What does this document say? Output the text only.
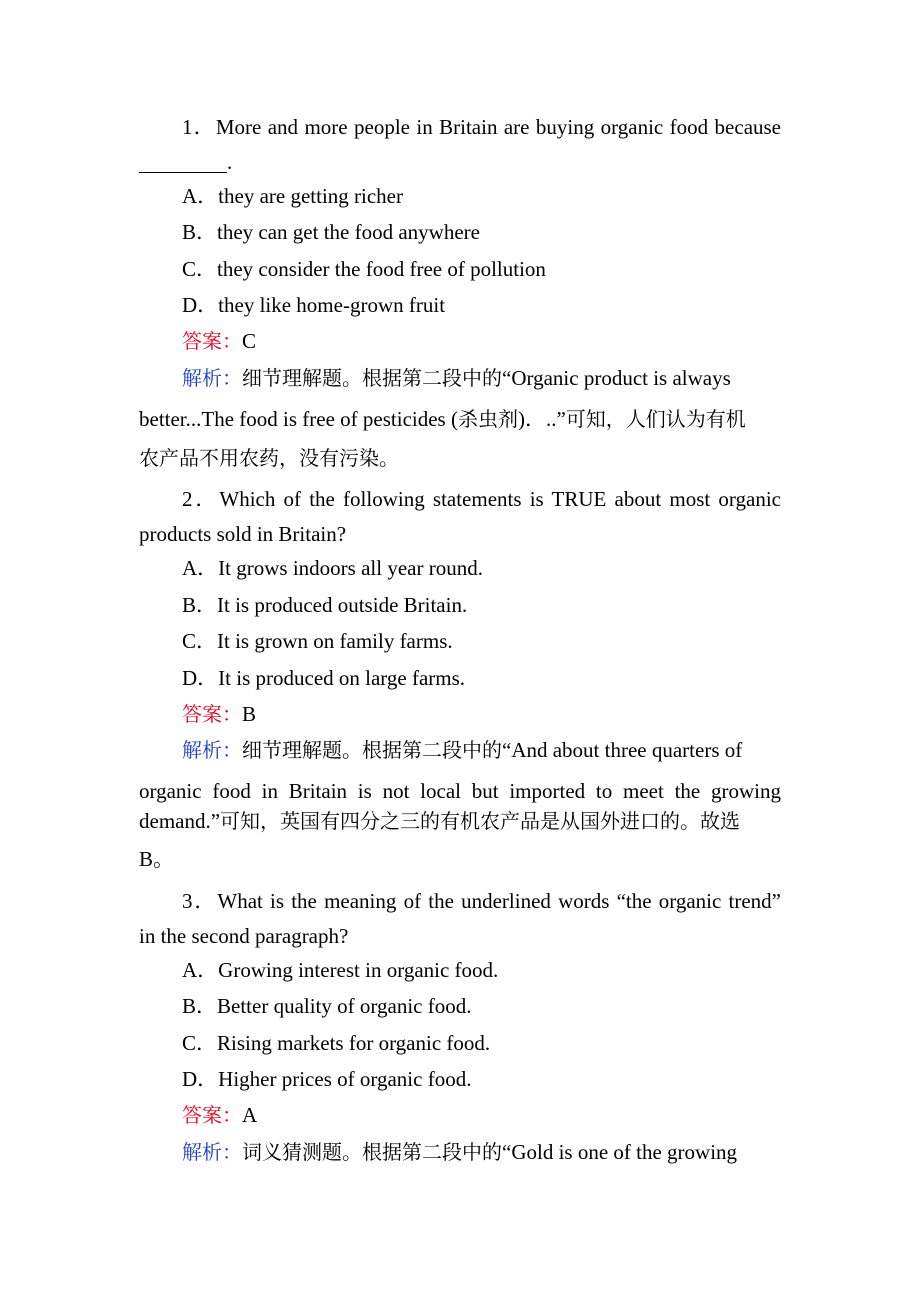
1．More and more people in Britain are buying organic food because
.
A．they are getting richer
B．they can get the food anywhere
C．they consider the food free of pollution
D．they like home-grown fruit
答案：C
解析：细节理解题。根据第二段中的“Organic product is always
better...The food is free of pesticides (杀虫剂)．..”可知，人们认为有机
农产品不用农药，没有污染。
2．Which of the following statements is TRUE about most organic
products sold in Britain?
A．It grows indoors all year round.
B．It is produced outside Britain.
C．It is grown on family farms.
D．It is produced on large farms.
答案：B
解析：细节理解题。根据第二段中的“And about three quarters of
organic food in Britain is not local but imported to meet the growing
demand.”可知，英国有四分之三的有机农产品是从国外进口的。故选
B。
3．What is the meaning of the underlined words “the organic trend”
in the second paragraph?
A．Growing interest in organic food.
B．Better quality of organic food.
C．Rising markets for organic food.
D．Higher prices of organic food.
答案：A
解析：词义猜测题。根据第二段中的“Gold is one of the growing
